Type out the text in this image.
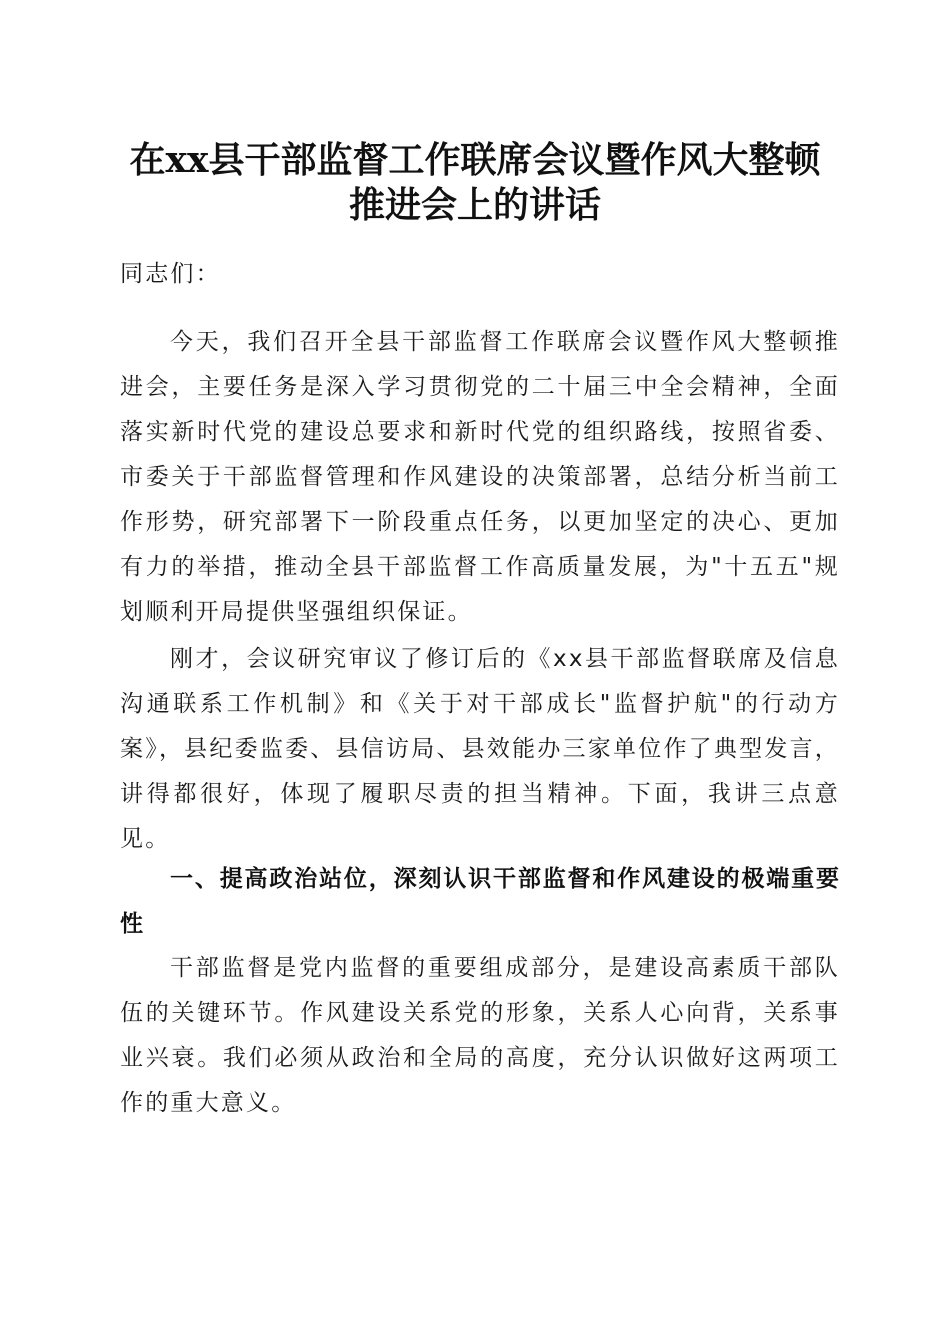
在xx县干部监督工作联席会议暨作风大整顿
推进会上的讲话

同志们：

今天，我们召开全县干部监督工作联席会议暨作风大整顿推进会，主要任务是深入学习贯彻党的二十届三中全会精神，全面落实新时代党的建设总要求和新时代党的组织路线，按照省委、市委关于干部监督管理和作风建设的决策部署，总结分析当前工作形势，研究部署下一阶段重点任务，以更加坚定的决心、更加有力的举措，推动全县干部监督工作高质量发展，为"十五五"规划顺利开局提供坚强组织保证。

刚才，会议研究审议了修订后的《xx县干部监督联席及信息沟通联系工作机制》和《关于对干部成长"监督护航"的行动方案》，县纪委监委、县信访局、县效能办三家单位作了典型发言，讲得都很好，体现了履职尽责的担当精神。下面，我讲三点意见。

一、提高政治站位，深刻认识干部监督和作风建设的极端重要性

干部监督是党内监督的重要组成部分，是建设高素质干部队伍的关键环节。作风建设关系党的形象，关系人心向背，关系事业兴衰。我们必须从政治和全局的高度，充分认识做好这两项工作的重大意义。
